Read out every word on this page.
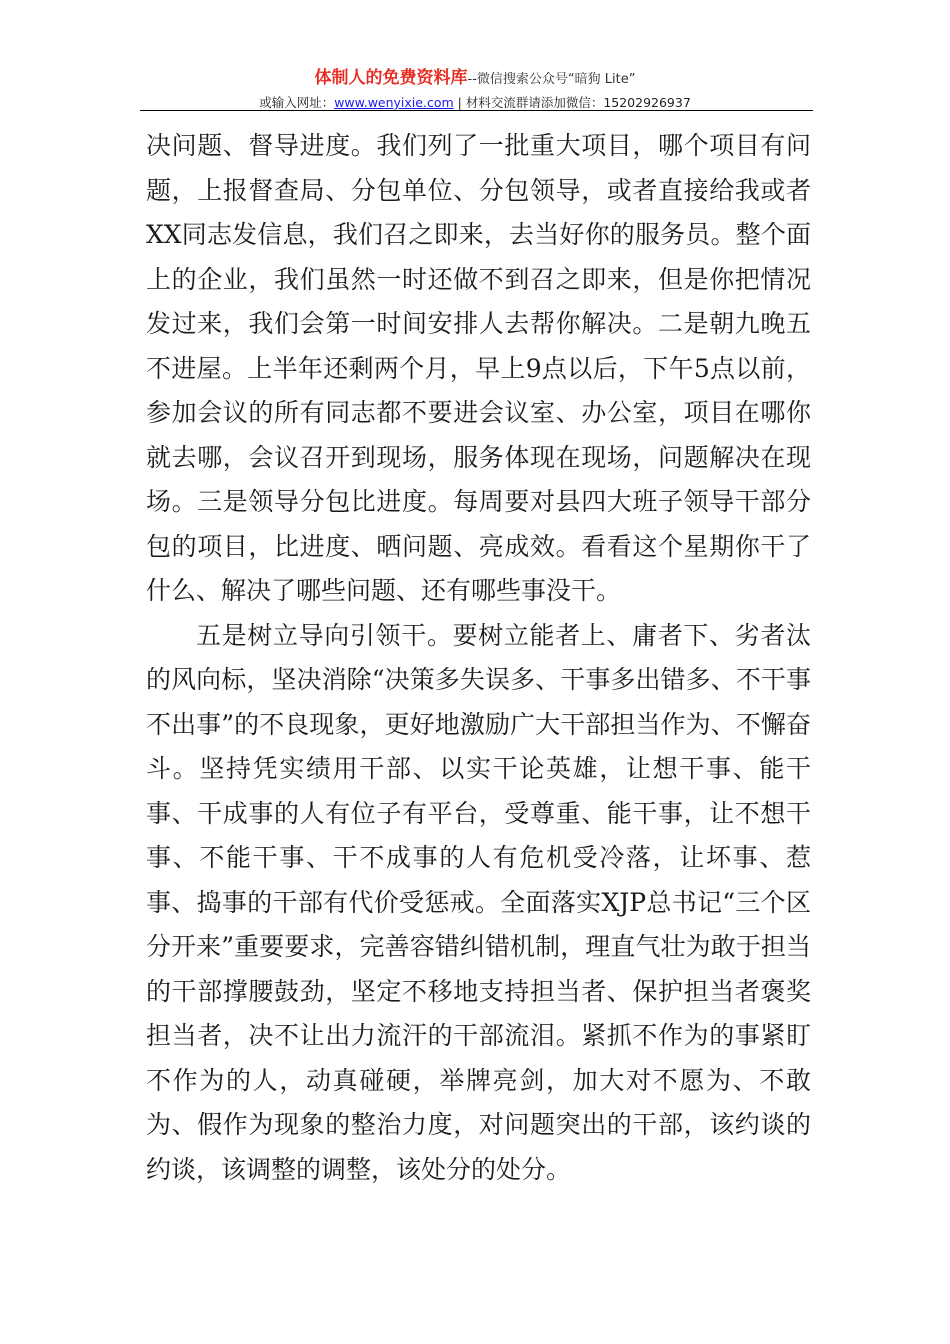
体制人的免费资料库--微信搜索公众号“暗狗 Lite”
或输入网址：www.wenyixie.com | 材料交流群请添加微信：15202926937

决问题、督导进度。我们列了一批重大项目，哪个项目有问题，上报督查局、分包单位、分包领导，或者直接给我或者XX同志发信息，我们召之即来，去当好你的服务员。整个面上的企业，我们虽然一时还做不到召之即来，但是你把情况发过来，我们会第一时间安排人去帮你解决。二是朝九晚五不进屋。上半年还剩两个月，早上9点以后，下午5点以前，参加会议的所有同志都不要进会议室、办公室，项目在哪你就去哪，会议召开到现场，服务体现在现场，问题解决在现场。三是领导分包比进度。每周要对县四大班子领导干部分包的项目，比进度、晒问题、亮成效。看看这个星期你干了什么、解决了哪些问题、还有哪些事没干。

五是树立导向引领干。要树立能者上、庸者下、劣者汰的风向标，坚决消除“决策多失误多、干事多出错多、不干事不出事”的不良现象，更好地激励广大干部担当作为、不懈奋斗。坚持凭实绩用干部、以实干论英雄，让想干事、能干事、干成事的人有位子有平台，受尊重、能干事，让不想干事、不能干事、干不成事的人有危机受冷落，让坏事、惹事、捣事的干部有代价受惩戒。全面落实XJP总书记“三个区分开来”重要要求，完善容错纠错机制，理直气壮为敢于担当的干部撑腰鼓劲，坚定不移地支持担当者、保护担当者褒奖担当者，决不让出力流汗的干部流泪。紧抓不作为的事紧盯不作为的人，动真碰硬，举牌亮剑，加大对不愿为、不敢为、假作为现象的整治力度，对问题突出的干部，该约谈的约谈，该调整的调整，该处分的处分。
